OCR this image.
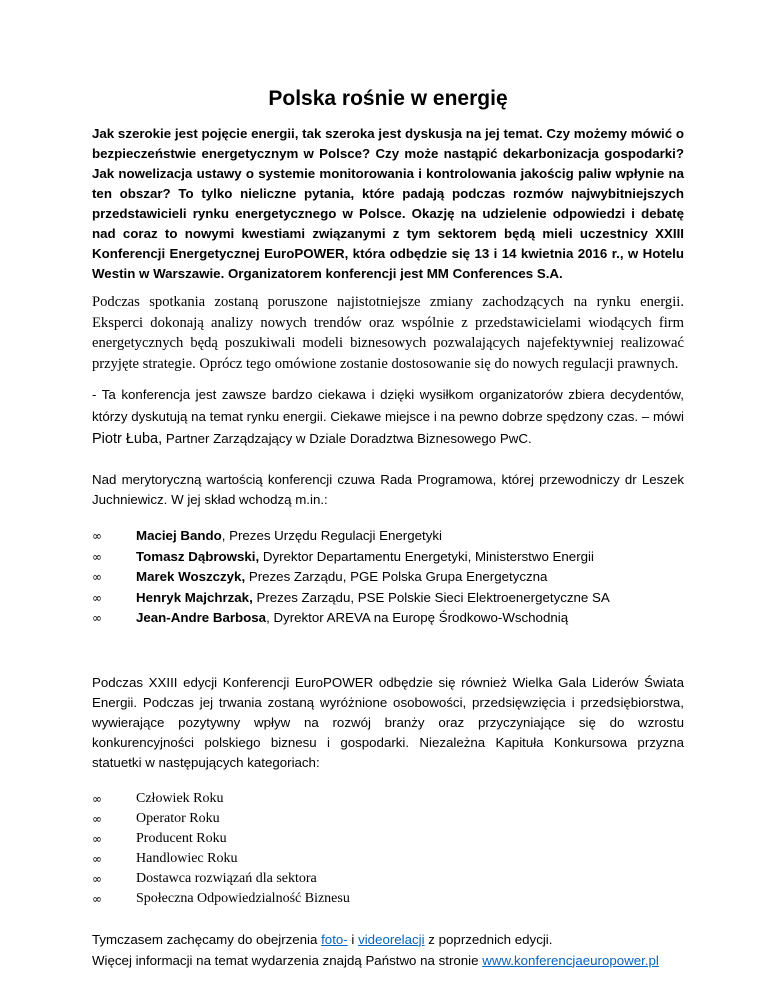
Polska rośnie w energię

Jak szerokie jest pojęcie energii, tak szeroka jest dyskusja na jej temat. Czy możemy mówić o bezpieczeństwie energetycznym w Polsce? Czy może nastąpić dekarbonizacja gospodarki? Jak nowelizacja ustawy o systemie monitorowania i kontrolowania jakościg paliw wpłynie na ten obszar? To tylko nieliczne pytania, które padają podczas rozmów najwybitniejszych przedstawicieli rynku energetycznego w Polsce. Okazję na udzielenie odpowiedzi i debatę nad coraz to nowymi kwestiami związanymi z tym sektorem będą mieli uczestnicy XXIII Konferencji Energetycznej EuroPOWER, która odbędzie się 13 i 14 kwietnia 2016 r., w Hotelu Westin w Warszawie. Organizatorem konferencji jest MM Conferences S.A.

Podczas spotkania zostaną poruszone najistotniejsze zmiany zachodzących na rynku energii. Eksperci dokonają analizy nowych trendów oraz wspólnie z przedstawicielami wiodących firm energetycznych będą poszukiwali modeli biznesowych pozwalających najefektywniej realizować przyjęte strategie. Oprócz tego omówione zostanie dostosowanie się do nowych regulacji prawnych.

- Ta konferencja jest zawsze bardzo ciekawa i dzięki wysiłkom organizatorów zbiera decydentów, którzy dyskutują na temat rynku energii. Ciekawe miejsce i na pewno dobrze spędzony czas. – mówi Piotr Łuba, Partner Zarządzający w Dziale Doradztwa Biznesowego PwC.

Nad merytoryczną wartością konferencji czuwa Rada Programowa, której przewodniczy dr Leszek Juchniewicz. W jej skład wchodzą m.in.:

∞	Maciej Bando, Prezes Urzędu Regulacji Energetyki
∞	Tomasz Dąbrowski, Dyrektor Departamentu Energetyki, Ministerstwo Energii
∞	Marek Woszczyk, Prezes Zarządu, PGE Polska Grupa Energetyczna
∞	Henryk Majchrzak, Prezes Zarządu, PSE Polskie Sieci Elektroenergetyczne SA
∞	Jean-Andre Barbosa, Dyrektor AREVA na Europę Środkowo-Wschodnią

Podczas XXIII edycji Konferencji EuroPOWER odbędzie się również Wielka Gala Liderów Świata Energii. Podczas jej trwania zostaną wyróżnione osobowości, przedsięwzięcia i przedsiębiorstwa, wywierające pozytywny wpływ na rozwój branży oraz przyczyniające się do wzrostu konkurencyjności polskiego biznesu i gospodarki. Niezależna Kapituła Konkursowa przyzna statuetki w następujących kategoriach:

∞ Człowiek Roku
∞ Operator Roku
∞ Producent Roku
∞ Handlowiec Roku
∞ Dostawca rozwiązań dla sektora
∞ Społeczna Odpowiedzialność Biznesu

Tymczasem zachęcamy do obejrzenia foto- i videorelacji z poprzednich edycji.
Więcej informacji na temat wydarzenia znajdą Państwo na stronie www.konferencjaeuropower.pl
